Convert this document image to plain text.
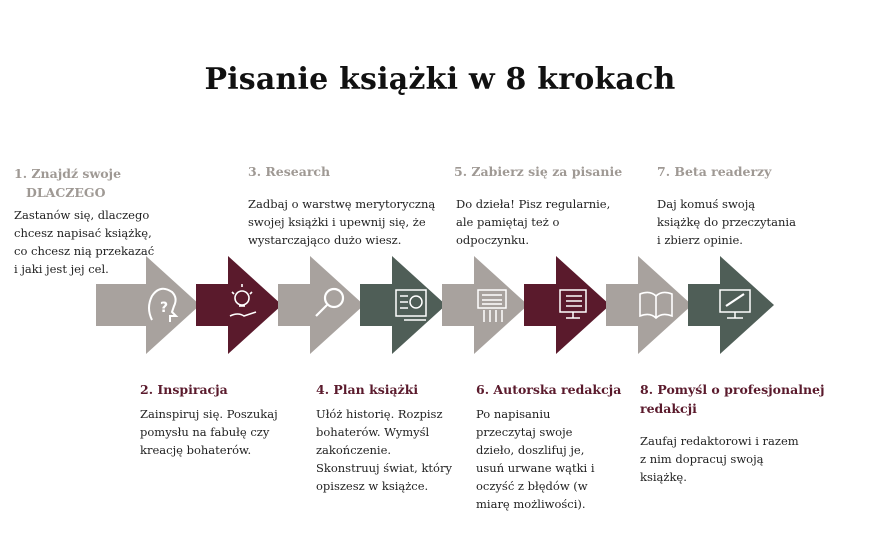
Pisanie książki w 8 krokach
1. Znajdź swoje
DLACZEGO
Zastanów się, dlaczego
chcesz napisać książkę,
co chcesz nią przekazać
i jaki jest jej cel.
3. Research
Zadbaj o warstwę merytoryczną
swojej książki i upewnij się, że
wystarczająco dużo wiesz.
5. Zabierz się za pisanie
Do dzieła! Pisz regularnie,
ale pamiętaj też o
odpoczynku.
7. Beta readerzy
Daj komuś swoją
książkę do przeczytania
i zbierz opinie.
2. Inspiracja
Zainspiruj się. Poszukaj
pomysłu na fabułę czy
kreację bohaterów.
4. Plan książki
Ułóż historię. Rozpisz
bohaterów. Wymyśl
zakończenie.
Skonstruuj świat, który
opiszesz w książce.
6. Autorska redakcja
Po napisaniu
przeczytaj swoje
dzieło, doszlifuj je,
usuń urwane wątki i
oczyść z błędów (w
miarę możliwości).
8. Pomyśl o profesjonalnej
redakcji
Zaufaj redaktorowi i razem
z nim dopracuj swoją
książkę.
?
